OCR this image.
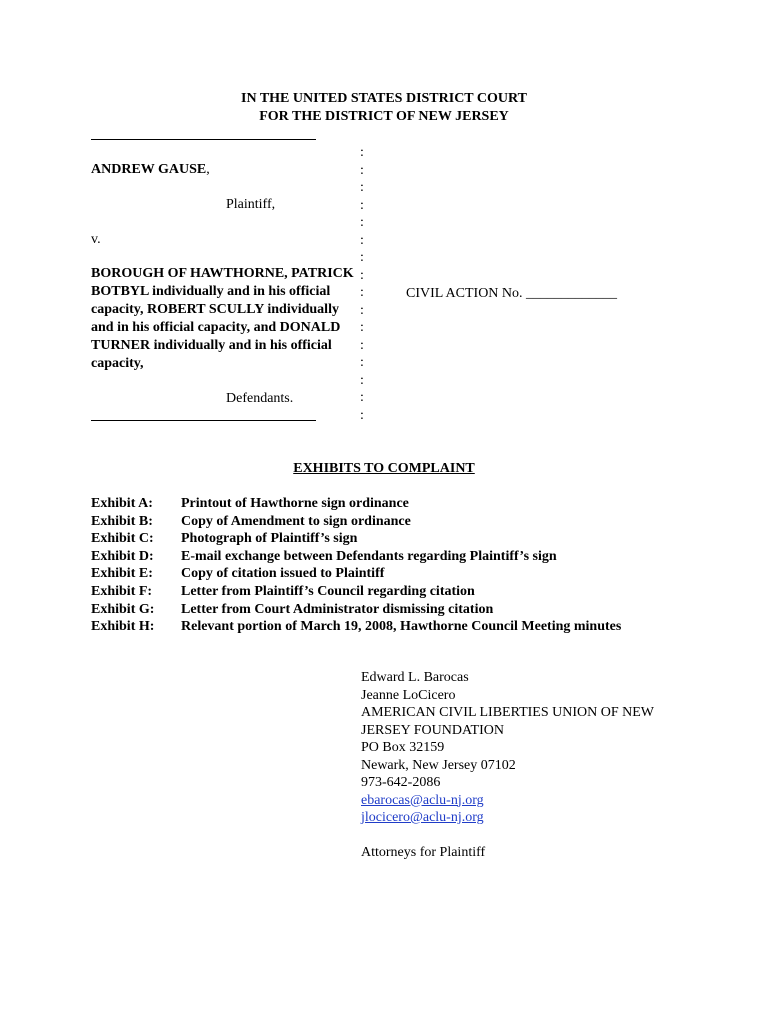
IN THE UNITED STATES DISTRICT COURT
FOR THE DISTRICT OF NEW JERSEY
:
:
:
:
:
:
:
:
:
:
:
:
:
:
:
:
ANDREW GAUSE,
Plaintiff,
v.
BOROUGH OF HAWTHORNE, PATRICK BOTBYL individually and in his official capacity, ROBERT SCULLY individually and in his official capacity, and DONALD TURNER individually and in his official capacity,
CIVIL ACTION No. _____________
Defendants.
EXHIBITS TO COMPLAINT
Exhibit A:	Printout of Hawthorne sign ordinance
Exhibit B:	Copy of Amendment to sign ordinance
Exhibit C:	Photograph of Plaintiff’s sign
Exhibit D:	E-mail exchange between Defendants regarding Plaintiff’s sign
Exhibit E:	Copy of citation issued to Plaintiff
Exhibit F:	Letter from Plaintiff’s Council regarding citation
Exhibit G:	Letter from Court Administrator dismissing citation
Exhibit H:	Relevant portion of March 19, 2008, Hawthorne Council Meeting minutes
Edward L. Barocas
Jeanne LoCicero
AMERICAN CIVIL LIBERTIES UNION OF NEW
JERSEY FOUNDATION
PO Box 32159
Newark, New Jersey 07102
973-642-2086
ebarocas@aclu-nj.org
jlocicero@aclu-nj.org
Attorneys for Plaintiff
